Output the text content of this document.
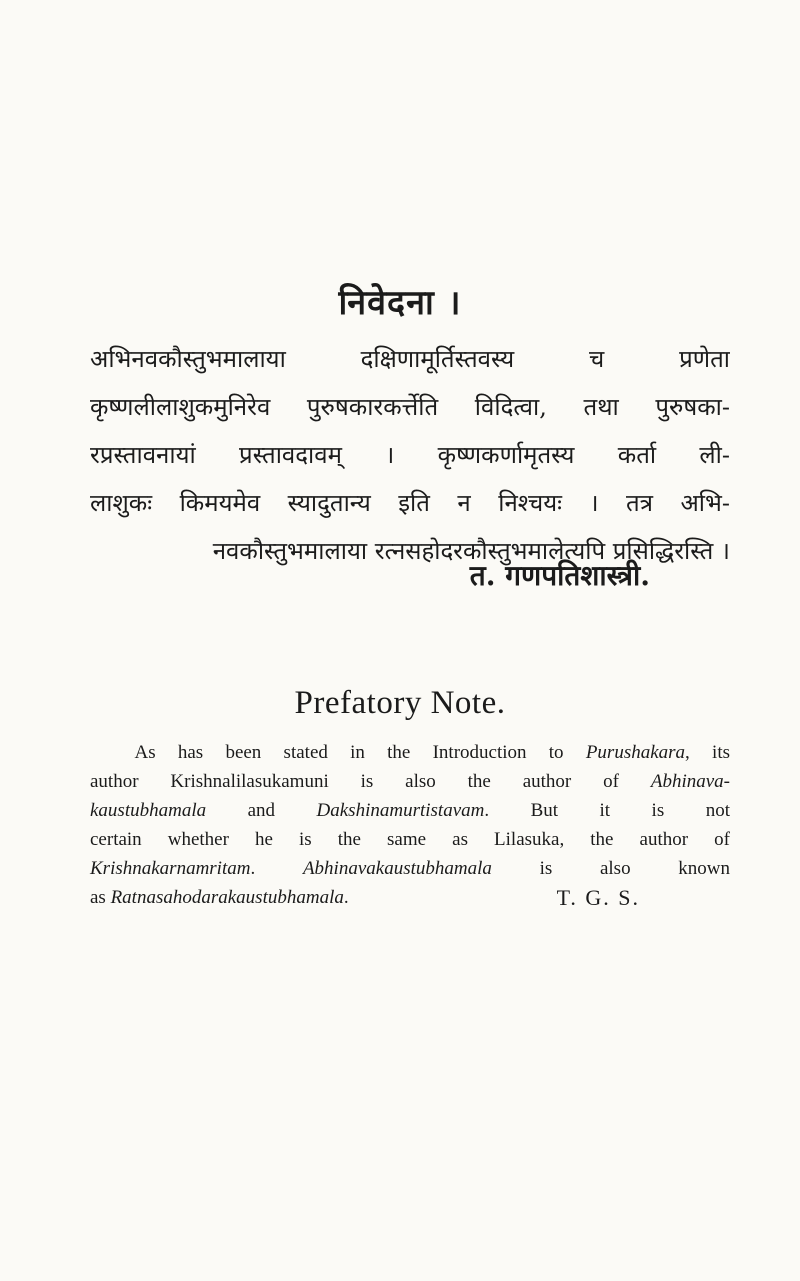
निवेदना ।
अभिनवकौस्तुभमालाया दक्षिणामूर्तिस्तवस्य च प्रणेता
कृष्णलीलाशुकमुनिरेव पुरुषकारकर्त्तेति विदित्वा, तथा पुरुषका-
रप्रस्तावनायां प्रस्तावदावम् । कृष्णकर्णामृतस्य कर्ता ली-
लाशुकः किमयमेव स्यादुतान्य इति न निश्चयः । तत्र अभि-
नवकौस्तुभमालाया रत्नसहोदरकौस्तुभमालेत्यपि प्रसिद्धिरस्ति ।
त. गणपतिशास्त्री.
Prefatory Note.
As has been stated in the Introduction to Purushakara, its
author Krishnalilasukamuni is also the author of Abhinava-
kaustubhamala and Dakshinamurtistavam. But it is not
certain whether he is the same as Lilasuka, the author of
Krishnakarnamritam. Abhinavakaustubhamala is also known
as Ratnasahodarakaustubhamala.	T. G. S.
